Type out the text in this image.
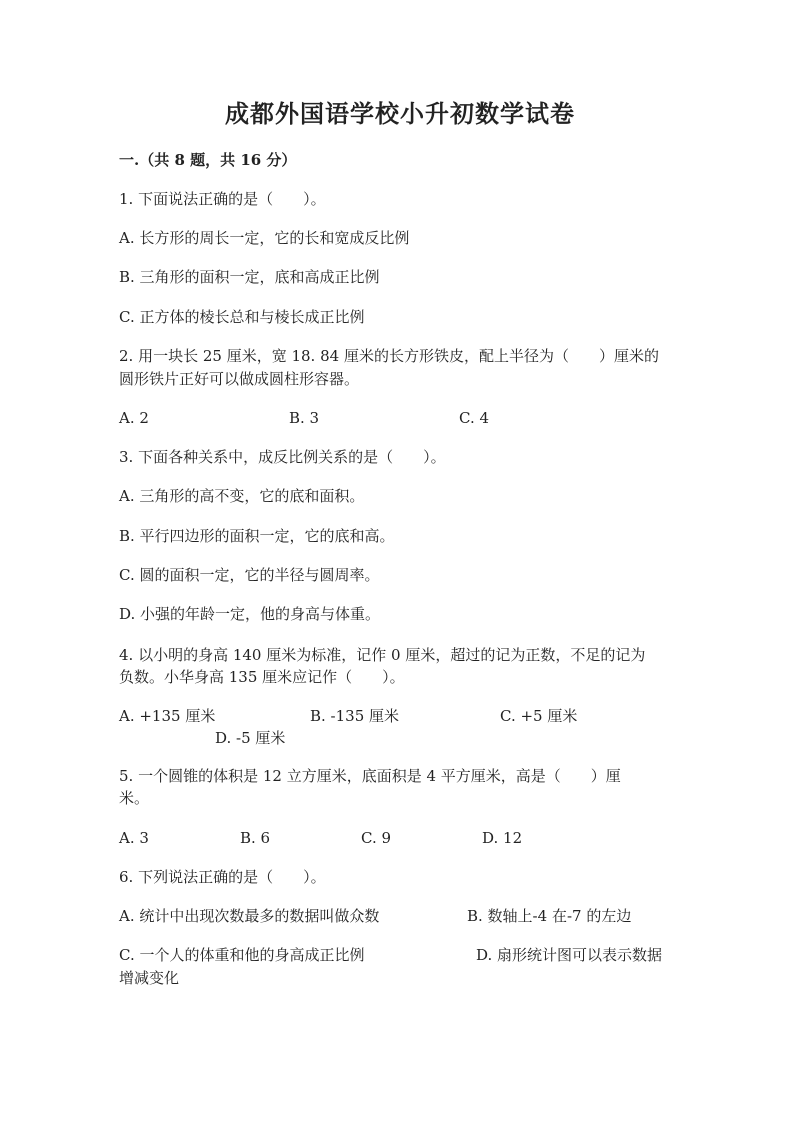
成都外国语学校小升初数学试卷
一.（共 8 题，共 16 分）
1. 下面说法正确的是（　　）。
A. 长方形的周长一定，它的长和宽成反比例
B. 三角形的面积一定，底和高成正比例
C. 正方体的棱长总和与棱长成正比例
2. 用一块长 25 厘米，宽 18. 84 厘米的长方形铁皮，配上半径为（　　）厘米的
圆形铁片正好可以做成圆柱形容器。
A. 2	B. 3	C. 4
3. 下面各种关系中，成反比例关系的是（　　）。
A. 三角形的高不变，它的底和面积。
B. 平行四边形的面积一定，它的底和高。
C. 圆的面积一定，它的半径与圆周率。
D. 小强的年龄一定，他的身高与体重。
4. 以小明的身高 140 厘米为标准，记作 0 厘米，超过的记为正数，不足的记为
负数。小华身高 135 厘米应记作（　　）。
A. +135 厘米	B. -135 厘米	C. +5 厘米
D. -5 厘米
5. 一个圆锥的体积是 12 立方厘米，底面积是 4 平方厘米，高是（　　）厘
米。
A. 3	B. 6	C. 9	D. 12
6. 下列说法正确的是（　　）。
A. 统计中出现次数最多的数据叫做众数	B. 数轴上-4 在-7 的左边
C. 一个人的体重和他的身高成正比例	D. 扇形统计图可以表示数据
增减变化
